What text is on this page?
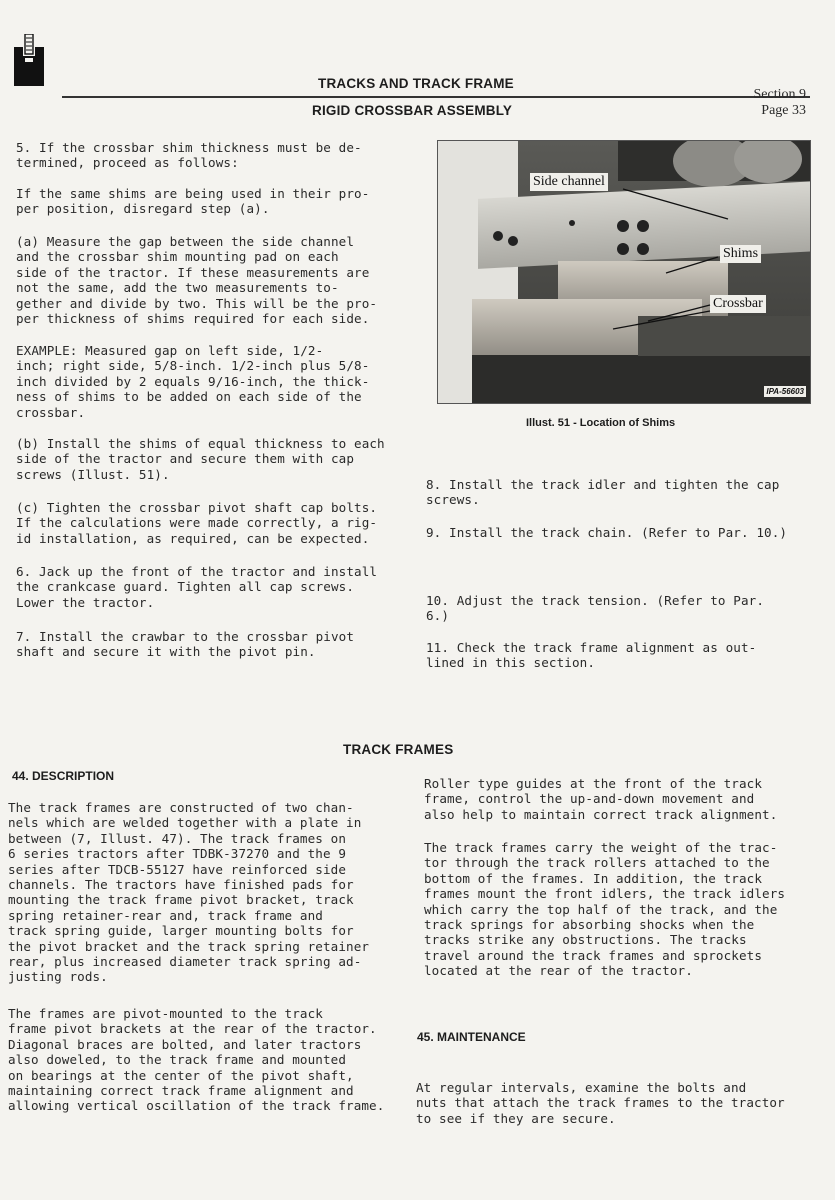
TRACKS AND TRACK FRAME
RIGID CROSSBAR ASSEMBLY
Section 9
Page 33

5. If the crossbar shim thickness must be de-
termined, proceed as follows:

If the same shims are being used in their pro-
per position, disregard step (a).

(a) Measure the gap between the side channel
and the crossbar shim mounting pad on each
side of the tractor. If these measurements are
not the same, add the two measurements to-
gether and divide by two. This will be the pro-
per thickness of shims required for each side.

EXAMPLE: Measured gap on left side, 1/2-
inch; right side, 5/8-inch. 1/2-inch plus 5/8-
inch divided by 2 equals 9/16-inch, the thick-
ness of shims to be added on each side of the
crossbar.

(b) Install the shims of equal thickness to each
side of the tractor and secure them with cap
screws (Illust. 51).

(c) Tighten the crossbar pivot shaft cap bolts.
If the calculations were made correctly, a rig-
id installation, as required, can be expected.

6. Jack up the front of the tractor and install
the crankcase guard. Tighten all cap screws.
Lower the tractor.

7. Install the crawbar to the crossbar pivot
shaft and secure it with the pivot pin.

Side channel
Shims
Crossbar
IPA-56603
Illust. 51 - Location of Shims

8. Install the track idler and tighten the cap
screws.

9. Install the track chain. (Refer to Par. 10.)

10. Adjust the track tension. (Refer to Par.
6.)

11. Check the track frame alignment as out-
lined in this section.

TRACK FRAMES
44. DESCRIPTION

The track frames are constructed of two chan-
nels which are welded together with a plate in
between (7, Illust. 47). The track frames on
6 series tractors after TDBK-37270 and the 9
series after TDCB-55127 have reinforced side
channels. The tractors have finished pads for
mounting the track frame pivot bracket, track
spring retainer-rear and, track frame and
track spring guide, larger mounting bolts for
the pivot bracket and the track spring retainer
rear, plus increased diameter track spring ad-
justing rods.

The frames are pivot-mounted to the track
frame pivot brackets at the rear of the tractor.
Diagonal braces are bolted, and later tractors
also doweled, to the track frame and mounted
on bearings at the center of the pivot shaft,
maintaining correct track frame alignment and
allowing vertical oscillation of the track frame.

Roller type guides at the front of the track
frame, control the up-and-down movement and
also help to maintain correct track alignment.

The track frames carry the weight of the trac-
tor through the track rollers attached to the
bottom of the frames. In addition, the track
frames mount the front idlers, the track idlers
which carry the top half of the track, and the
track springs for absorbing shocks when the
tracks strike any obstructions. The tracks
travel around the track frames and sprockets
located at the rear of the tractor.

45. MAINTENANCE

At regular intervals, examine the bolts and
nuts that attach the track frames to the tractor
to see if they are secure.
